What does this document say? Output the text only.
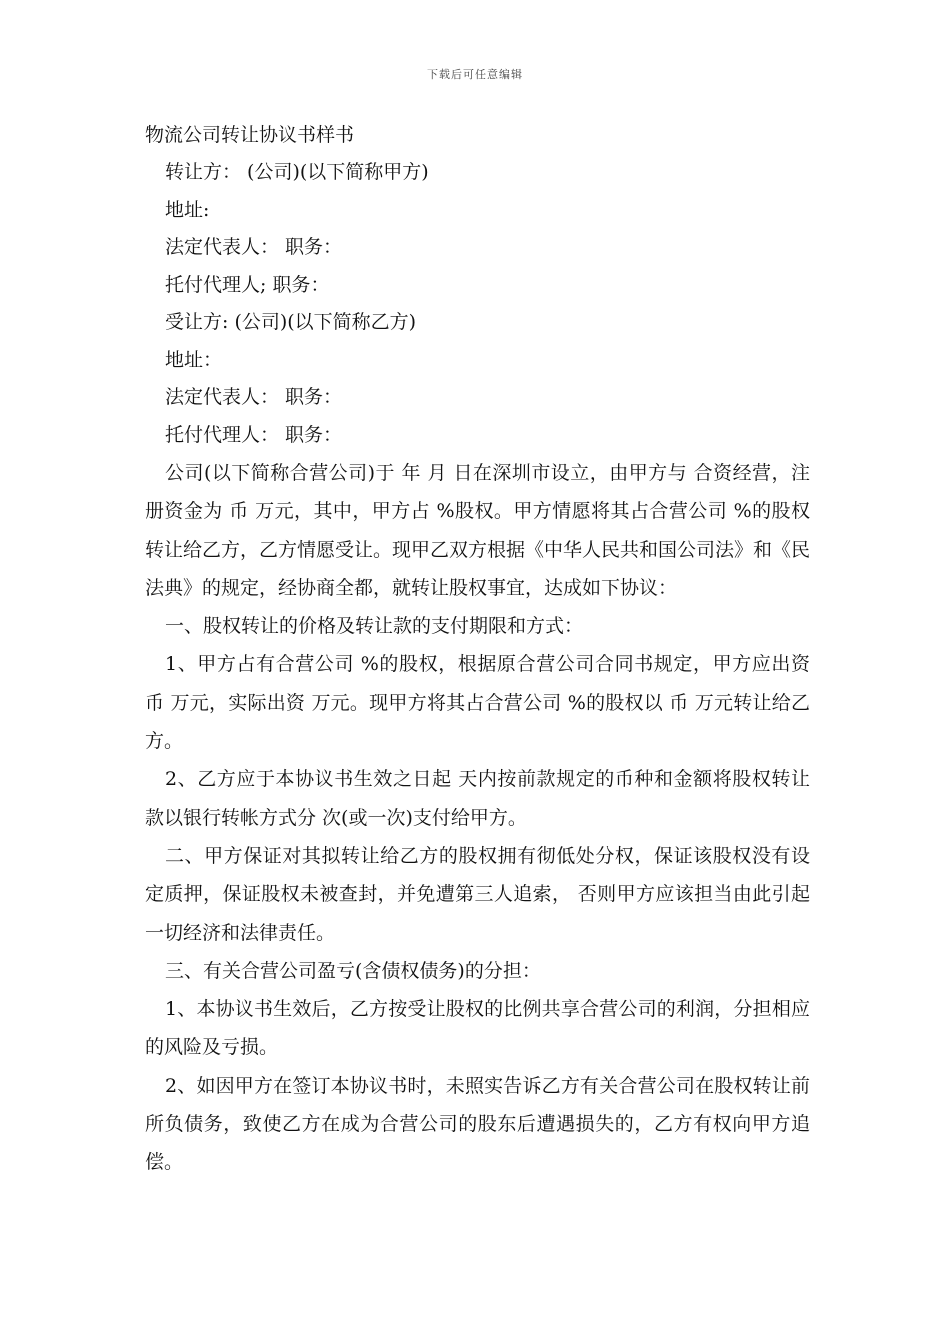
下载后可任意编辑
物流公司转让协议书样书

转让方： (公司)(以下简称甲方)

地址:

法定代表人： 职务：

托付代理人; 职务：

受让方: (公司)(以下简称乙方)

地址：

法定代表人： 职务：

托付代理人： 职务：

公司(以下简称合营公司)于 年 月 日在深圳市设立，由甲方与 合资经营，注册资金为 币 万元，其中，甲方占 %股权。甲方情愿将其占合营公司 %的股权转让给乙方，乙方情愿受让。现甲乙双方根据《中华人民共和国公司法》和《民法典》的规定，经协商全都，就转让股权事宜，达成如下协议：

一、股权转让的价格及转让款的支付期限和方式：

1、甲方占有合营公司 %的股权，根据原合营公司合同书规定，甲方应出资 币 万元，实际出资 万元。现甲方将其占合营公司 %的股权以 币 万元转让给乙方。

2、乙方应于本协议书生效之日起 天内按前款规定的币种和金额将股权转让款以银行转帐方式分 次(或一次)支付给甲方。

二、甲方保证对其拟转让给乙方的股权拥有彻低处分权，保证该股权没有设定质押，保证股权未被查封，并免遭第三人追索， 否则甲方应该担当由此引起一切经济和法律责任。

三、有关合营公司盈亏(含债权债务)的分担：

1、本协议书生效后，乙方按受让股权的比例共享合营公司的利润，分担相应的风险及亏损。

2、如因甲方在签订本协议书时，未照实告诉乙方有关合营公司在股权转让前所负债务，致使乙方在成为合营公司的股东后遭遇损失的，乙方有权向甲方追偿。
